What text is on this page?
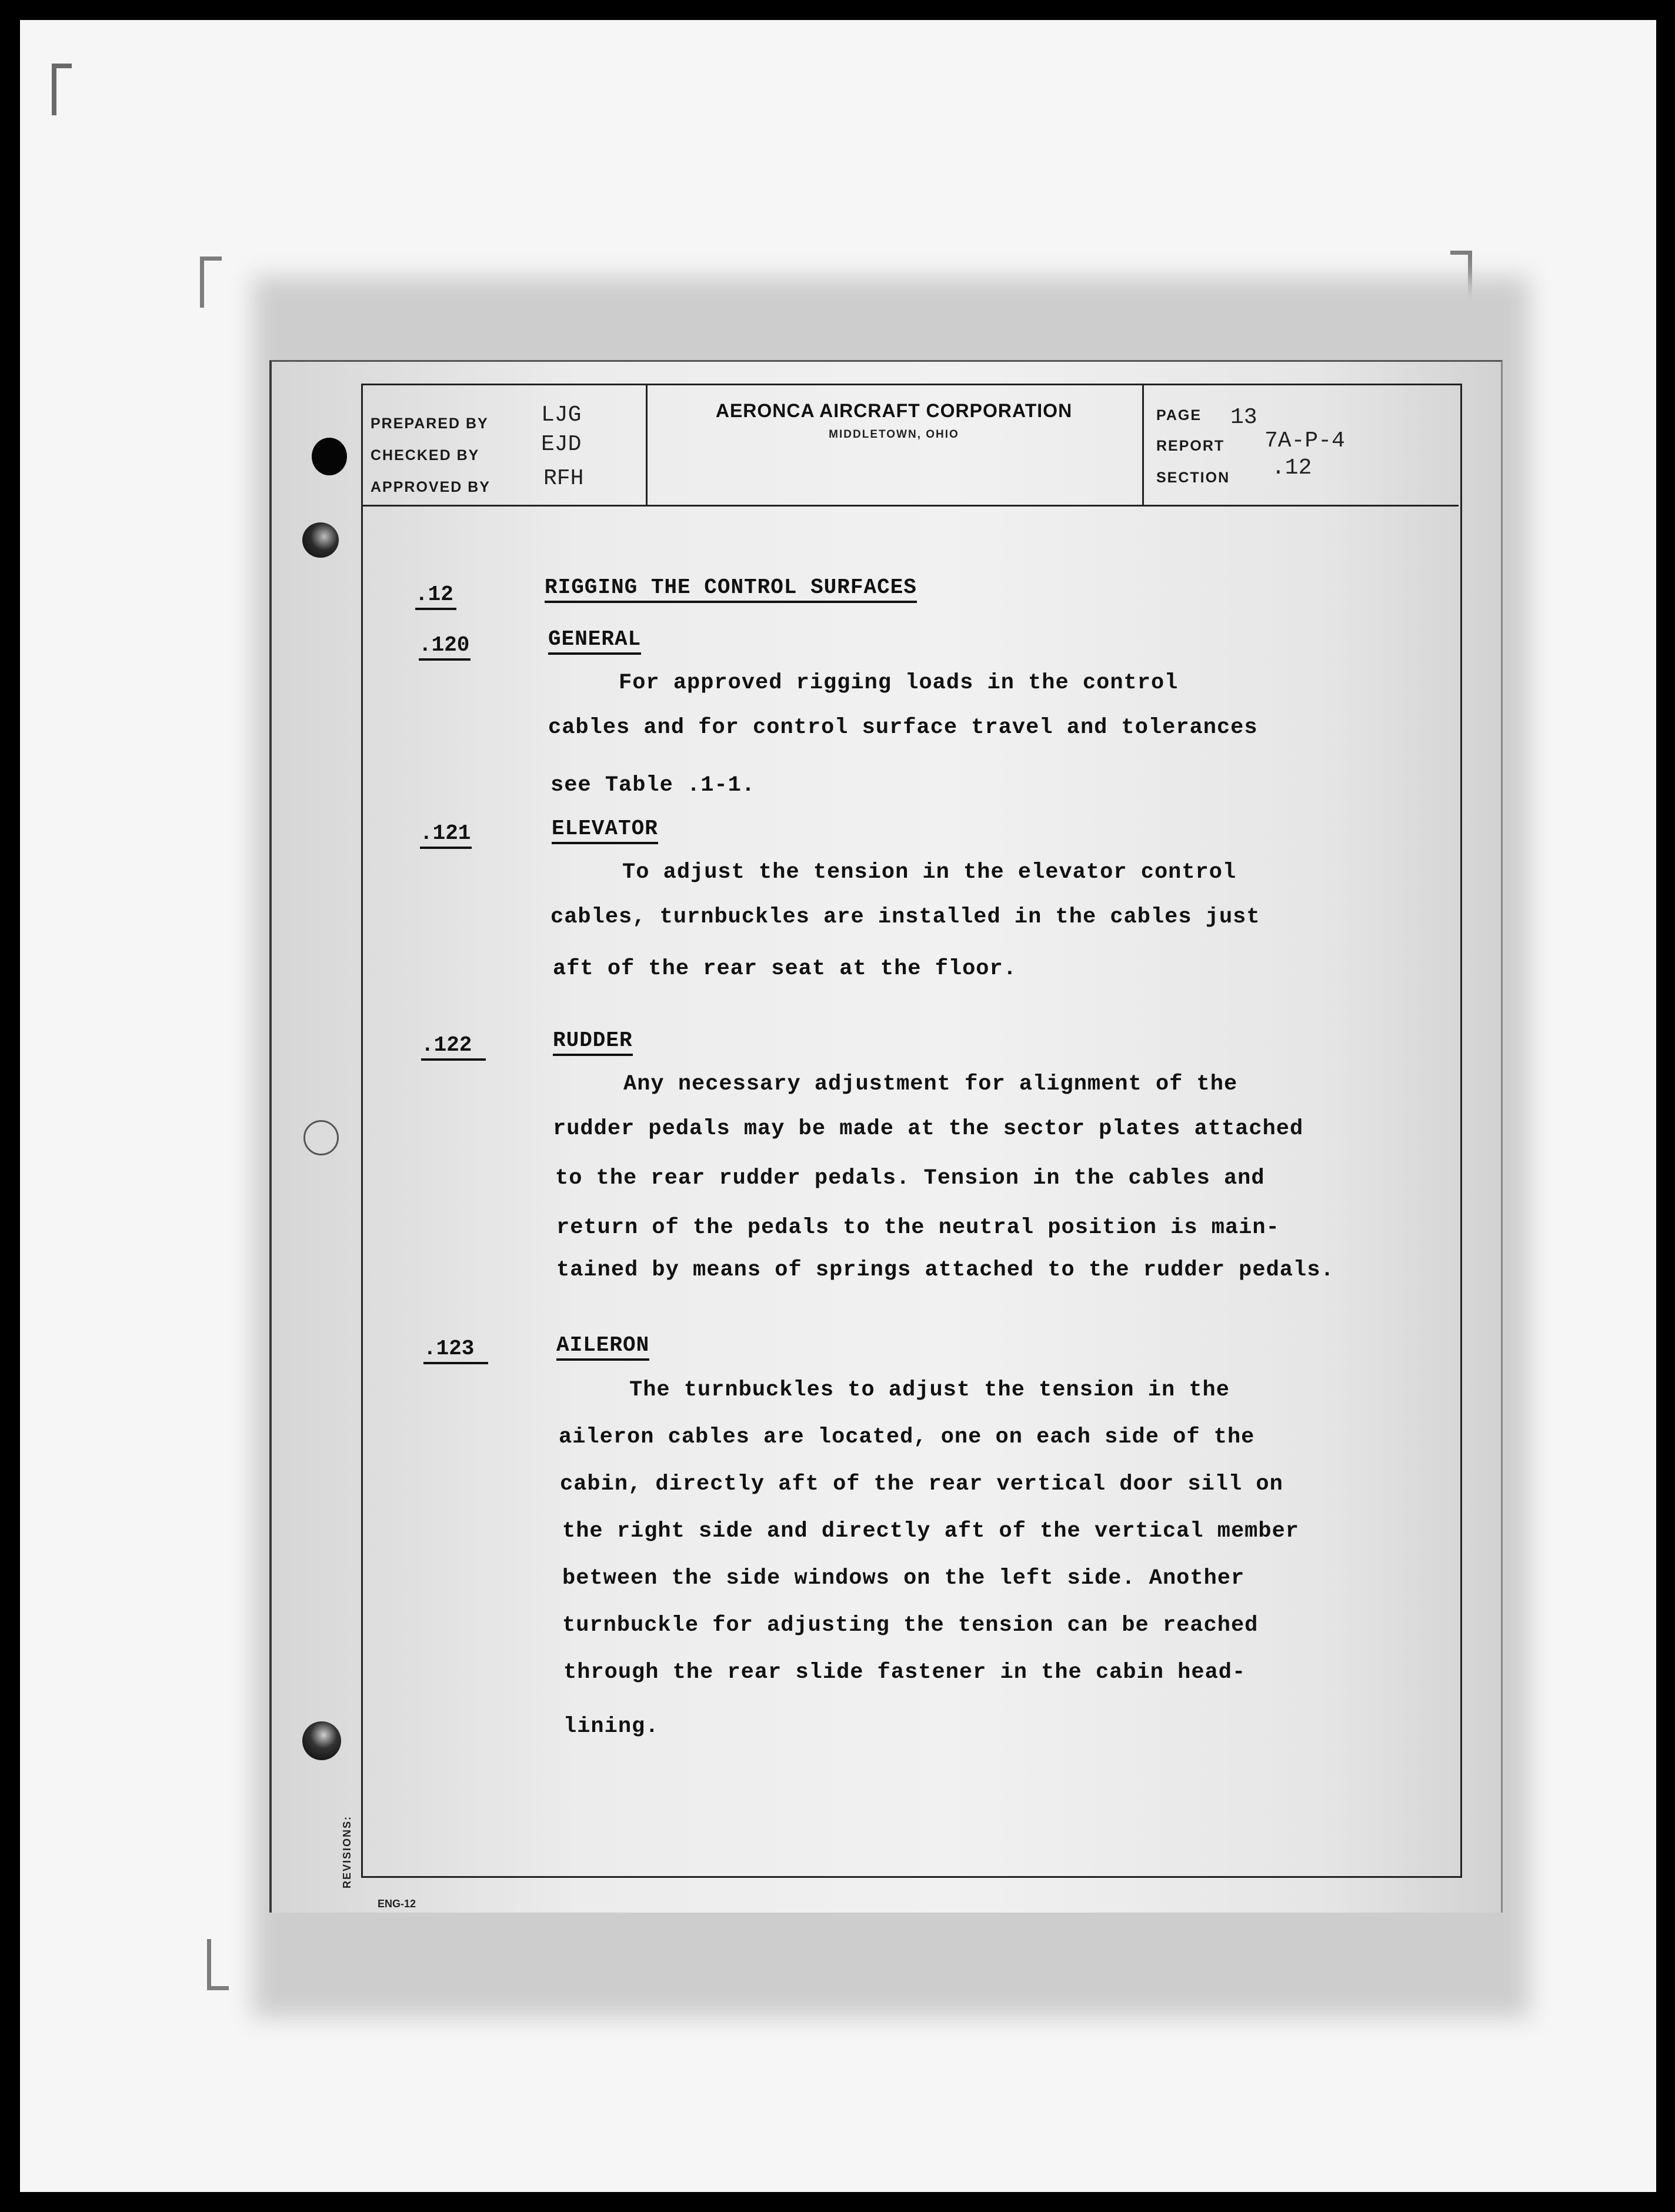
PREPARED BY LJG
CHECKED BY	EJD
APPROVED BY RFH
AERONCA AIRCRAFT CORPORATION
MIDDLETOWN, OHIO
PAGE 13
REPORT 7A-P-4
SECTION .12
.12	RIGGING THE CONTROL SURFACES
.120	GENERAL
For approved rigging loads in the control
cables and for control surface travel and tolerances
see Table .1-1.
.121	ELEVATOR
To adjust the tension in the elevator control
cables, turnbuckles are installed in the cables just
aft of the rear seat at the floor.
.122	RUDDER
Any necessary adjustment for alignment of the
rudder pedals may be made at the sector plates attached
to the rear rudder pedals. Tension in the cables and
return of the pedals to the neutral position is main-
tained by means of springs attached to the rudder pedals.
.123	AILERON
The turnbuckles to adjust the tension in the
aileron cables are located, one on each side of the
cabin, directly aft of the rear vertical door sill on
the right side and directly aft of the vertical member
between the side windows on the left side. Another
turnbuckle for adjusting the tension can be reached
through the rear slide fastener in the cabin head-
lining.
REVISIONS:
ENG-12
